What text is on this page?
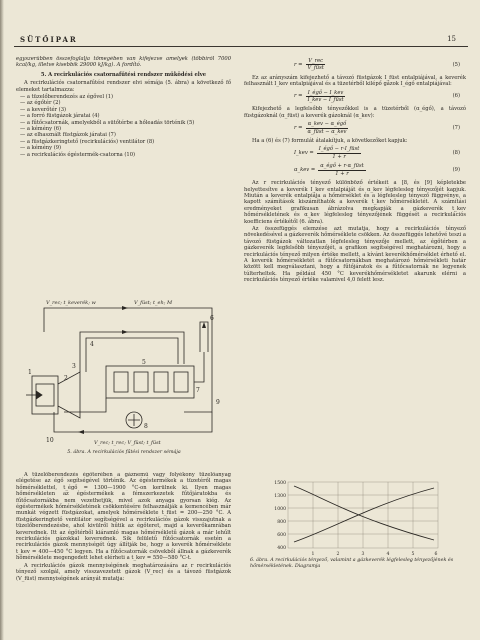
SÜTŐIPAR	15

egyszerűbben összefoglalja tömegében van kifejezve amelyek (többiről 7000 kcal/kg, illetve kisebbik 29000 kJ/kg). A fordító.

5. A recirkulációs csatornafűtési rendszer működési elve

A recirkulációs csatornafűtési rendszer elvi sémája (5. ábra) a következő fő elemeket tartalmazza:

— a tüzelőberendezés az égővel (1)
— az égőtér (2)
— a keverőtér (3)
— a forró füstgázok járatai (4)
— a fűtőcsatornák, amelyekből a sütőtérbe a hőleadás történik (5)
— a kémény (6)
— az elhasznált füstgázok járatai (7)
— a füstgázkeringtető (recirkulációs) ventilátor (8)
— a kémény (9)
— a recirkulációs égéstermék-csatorna (10)
1
2
3
4
5
6
7
8
9
10
V_rec; t_keverék; w	V_füst; t_eh; M
V_rec; t_rec; V_füst; t_füst
5. ábra. A recirkulációs fűtési rendszer sémája

A tüzelőberendezés égőterében a gáznemű vagy folyékony tüzelőanyag elégetése az égő segítségével történik. Az égéstermékek a tüzetéről magas hőmérséklettel, t_égő = 1300—1900 °C-on kerülnek ki. Ilyen magas hőmérsékleten az égéstermékek a fémszerkezetek fűtőjáratokba és fűtőcsatornákba nem vezethetjük, mivel azok anyaga gyorsan kiég. Az égéstermékek hőmérsékletének csökkentésére felhasználják a kemencében már munkát végzett füstgázokat, amelyek hőmérséklete t_füst = 200—250 °C. A füstgázkeringtető ventilátor segítségével a recirkulációs gázok visszajutnak a tüzelőberendezésbe, ahol kivülről hűtik az égőteret, majd a keverőkamrában keverednek. Itt az égőtérből kiáramló magas hőmérsékletű gázok a már lehűlt recirkulációs gázokkal keverednek. Sík felületű fűtőcsatornák esetén a recirkulációs gázok mennyiségét úgy állítják be, hogy a keverék hőmérséklete t_kev = 400—450 °C legyen. Ha a fűtőcsatornák csövekből állnak a gázkeverék hőmérséklete megengedett lehet elérheti a t_kev = 550—580 °C-t.

A recirkulációs gázok mennyiségének meghatározására az r recirkulációs tényező szolgál, amely visszavezetett gázok (V_rec) és a távozó füstgázok (V_füst) mennyiségének arányát mutatja:

$r = \frac{\text{V\_rec}}{\text{V\_füst}}$	(5)

Ez az arányszám kifejezhető a távozó füstgázok I_füst entalpiájával, a keverék felhasznált I_kev entalpiájával és a tüzetérből kilépő gázok I_égő entalpiájával:

$r = \frac{\text{I\_égő − I\_kev}}{\text{I\_kev − I\_füst}}$	(6)

Kifejezhető a legfelsőbb tényezőkkel is a tüzetérből (α_égő), a távozó füstgázoknál (α_füst) a keverék gázoknál (α_kev):

$r = \frac{\text{α\_kev − α\_égő}}{\text{α\_füst − α\_kev}}$	(7)

Ha a (6) és (7) formulát átalakítjuk, a következőket kapjuk:

I_kev = $\frac{\text{I\_égő − r·I\_füst}}{1 + r}$	(8)
α_kev = $\frac{\text{α\_égő + r·α\_füst}}{1 + r}$	(9)

Az r recirkulációs tényező különböző értékeit a [8, és [9] képletekbe helyettesítve a keverék I_kev entalpiáját és α_kev légfelesleg tényezőjét kapjuk. Miután a keverék entalpiája a hőmérséklet és a légfelesleg tényező függvénye, a kapott számítások kiszámíthatók a keverék t_kev hőmérsékletét. A számítási eredményeket grafikusan ábrázolva megkapják a gázkeverék t_kev hőmérsékletének és α_kev légfelesleg tényezőjének függését a recirkulációs koefficiens értékétől (6. ábra).

Az összefüggés elemzése azt mutatja, hogy a recirkulációs tényező növekedésével a gázkeverék hőmérséklete csökken. Az összefüggés lehetővé teszi a távozó füstgázok változatlan légfelesleg tényezője mellett, az égőtérben a gázkeverék legfelsőbb tényezőjét, a grafikon segítségével meghatározni, hogy a recirkulációs tényező milyen értéke mellett, a kívánt keverékhőmérséklet érhető el. A keverék hőmérsékletét a fűtőcsatornákban meghatározó hőmérsékleti határ között kell megválasztani, hogy a fűtőjáratok és a fűtőcsatornák ne legyenek túlterheltek. Ha például 450 °C keverékhőmérsékletet akarunk elérni a recirkulációs tényező értéke valamivel 4,0 felett lesz.

1500
1300
1000
800
600
400
1	2	3	4	5	6
6. ábra. A recirkulációs tényező, valamint a gázkeverék légfelesleg tényezőjének és hőmérsékletének. Diagramja
